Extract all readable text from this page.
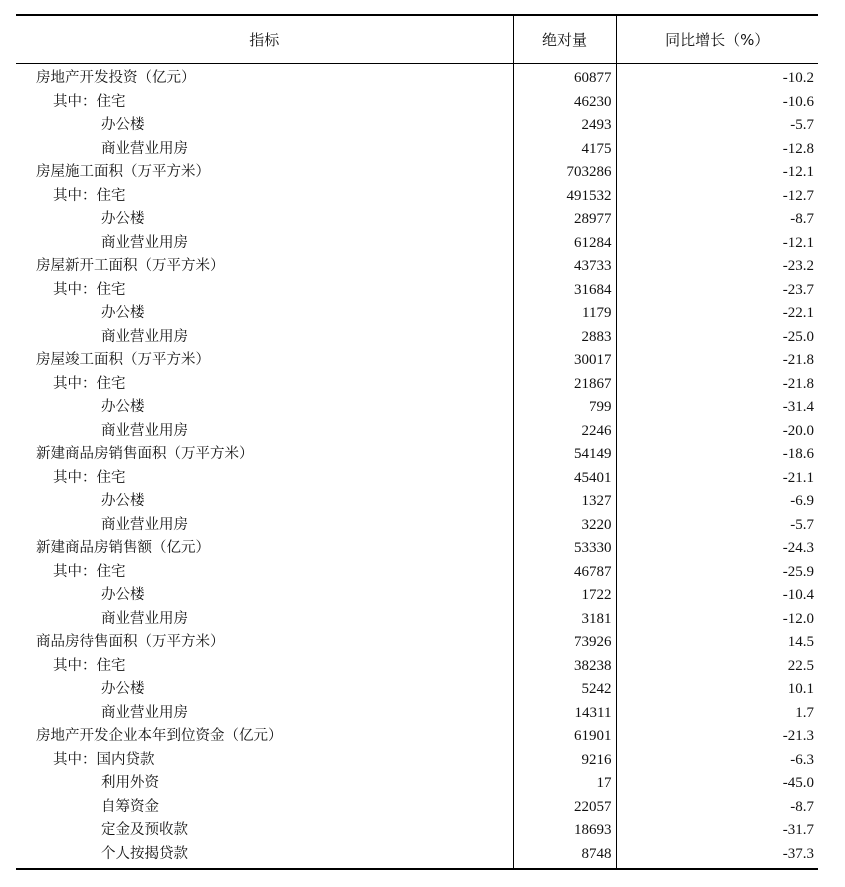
指标	绝对量	同比增长（%）
房地产开发投资（亿元）	60877	-10.2
其中：住宅	46230	-10.6
办公楼	2493	-5.7
商业营业用房	4175	-12.8
房屋施工面积（万平方米）	703286	-12.1
其中：住宅	491532	-12.7
办公楼	28977	-8.7
商业营业用房	61284	-12.1
房屋新开工面积（万平方米）	43733	-23.2
其中：住宅	31684	-23.7
办公楼	1179	-22.1
商业营业用房	2883	-25.0
房屋竣工面积（万平方米）	30017	-21.8
其中：住宅	21867	-21.8
办公楼	799	-31.4
商业营业用房	2246	-20.0
新建商品房销售面积（万平方米）	54149	-18.6
其中：住宅	45401	-21.1
办公楼	1327	-6.9
商业营业用房	3220	-5.7
新建商品房销售额（亿元）	53330	-24.3
其中：住宅	46787	-25.9
办公楼	1722	-10.4
商业营业用房	3181	-12.0
商品房待售面积（万平方米）	73926	14.5
其中：住宅	38238	22.5
办公楼	5242	10.1
商业营业用房	14311	1.7
房地产开发企业本年到位资金（亿元）	61901	-21.3
其中：国内贷款	9216	-6.3
利用外资	17	-45.0
自筹资金	22057	-8.7
定金及预收款	18693	-31.7
个人按揭贷款	8748	-37.3
